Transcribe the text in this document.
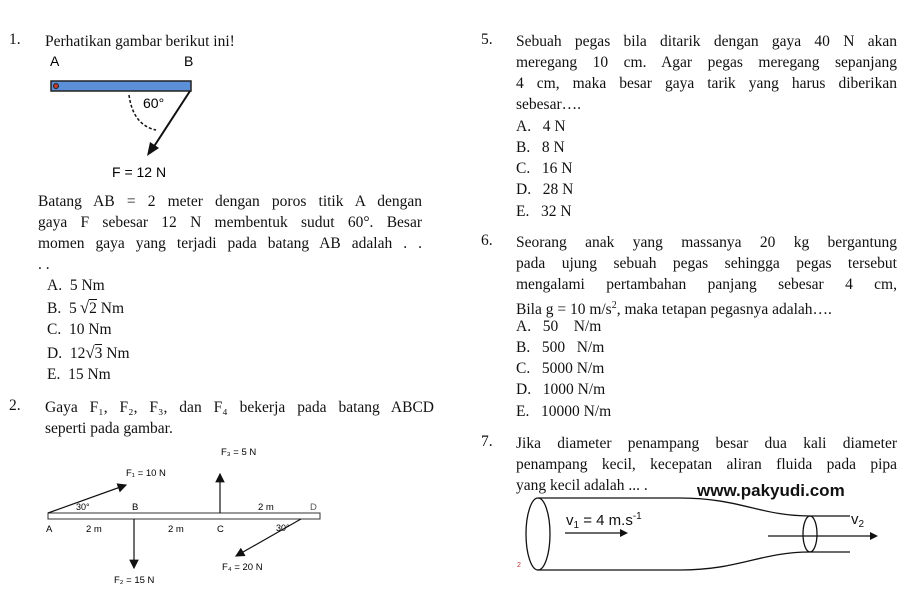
1. Perhatikan gambar berikut ini!
A	B
60°
F = 12 N
Batang AB = 2 meter dengan poros titik A dengan
gaya F sebesar 12 N membentuk sudut 60°. Besar
momen gaya yang terjadi pada batang AB adalah . .
. .
A. 5 Nm
B. 5  √2 Nm
C. 10 Nm
D. 12√3 Nm
E. 15 Nm
2. Gaya F₁, F₂, F₃, dan F₄ bekerja pada batang ABCD
seperti pada gambar.
F₁ = 10 N
30°
F₂ = 15 N
F₃ = 5 N
F₄ = 20 N
30°
A
B
C
D
2 m	2 m
2 m
5. Sebuah pegas bila ditarik dengan gaya 40 N akan
meregang 10 cm. Agar pegas meregang sepanjang
4 cm, maka besar gaya tarik yang harus diberikan
sebesar….
A. 4 N
B. 8 N
C. 16 N
D. 28 N
E. 32 N
6. Seorang anak yang massanya 20 kg bergantung
pada ujung sebuah pegas sehingga pegas tersebut
mengalami pertambahan panjang sebesar 4 cm,
Bila g = 10 $m/s^2$, maka tetapan pegasnya adalah….
A. 50    N/m
B. 500   N/m
C. 5000 N/m
D. 1000 N/m
E. 10000 N/m
7. Jika diameter penampang besar dua kali diameter
penampang kecil, kecepatan aliran fluida pada pipa
yang kecil adalah ... .	www.pakyudi.com
$v_1 = 4$ $m.s^{-1}$	$v_2$
2
